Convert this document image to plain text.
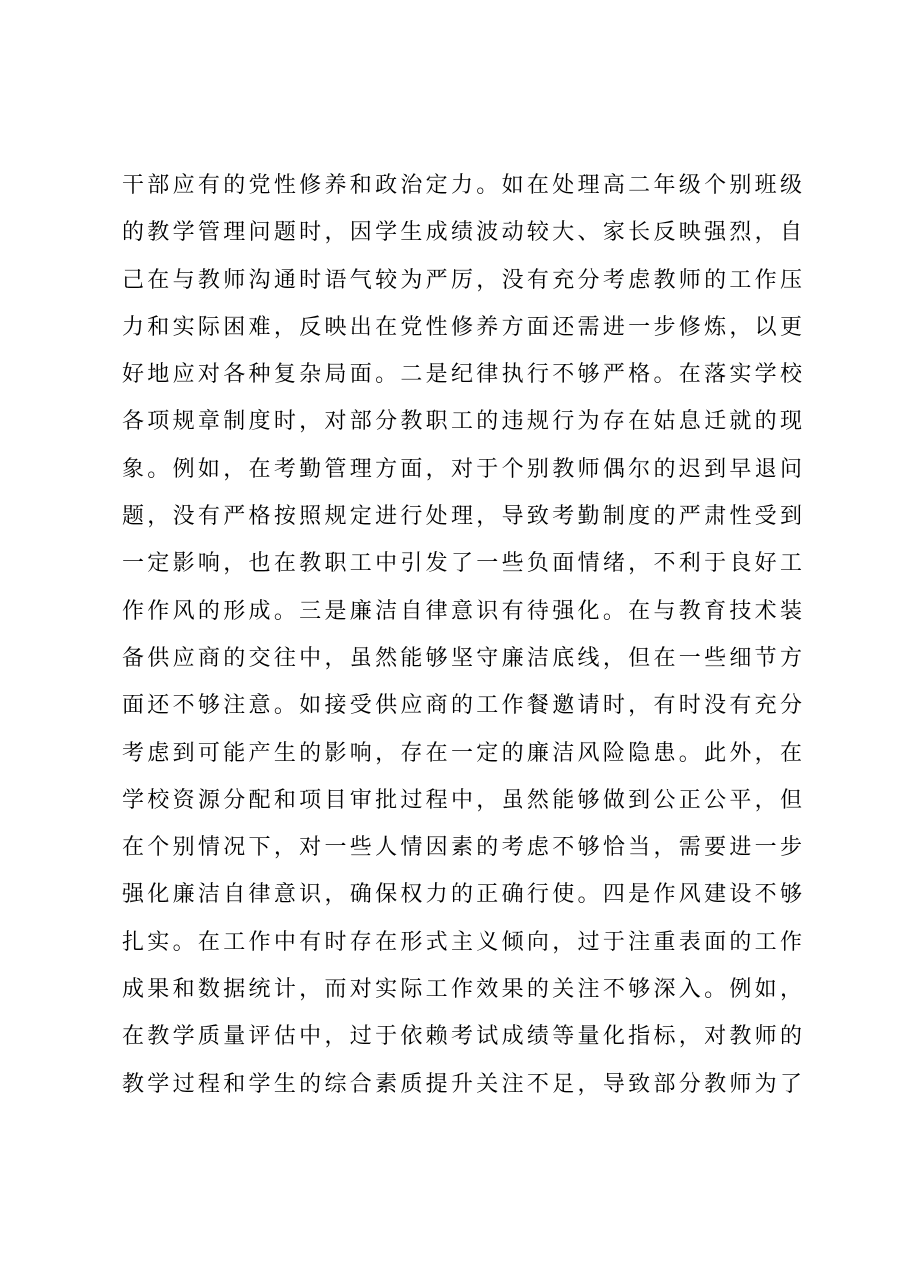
干部应有的党性修养和政治定力。如在处理高二年级个别班级
的教学管理问题时，因学生成绩波动较大、家长反映强烈，自
己在与教师沟通时语气较为严厉，没有充分考虑教师的工作压
力和实际困难，反映出在党性修养方面还需进一步修炼，以更
好地应对各种复杂局面。二是纪律执行不够严格。在落实学校
各项规章制度时，对部分教职工的违规行为存在姑息迁就的现
象。例如，在考勤管理方面，对于个别教师偶尔的迟到早退问
题，没有严格按照规定进行处理，导致考勤制度的严肃性受到
一定影响，也在教职工中引发了一些负面情绪，不利于良好工
作作风的形成。三是廉洁自律意识有待强化。在与教育技术装
备供应商的交往中，虽然能够坚守廉洁底线，但在一些细节方
面还不够注意。如接受供应商的工作餐邀请时，有时没有充分
考虑到可能产生的影响，存在一定的廉洁风险隐患。此外，在
学校资源分配和项目审批过程中，虽然能够做到公正公平，但
在个别情况下，对一些人情因素的考虑不够恰当，需要进一步
强化廉洁自律意识，确保权力的正确行使。四是作风建设不够
扎实。在工作中有时存在形式主义倾向，过于注重表面的工作
成果和数据统计，而对实际工作效果的关注不够深入。例如，
在教学质量评估中，过于依赖考试成绩等量化指标，对教师的
教学过程和学生的综合素质提升关注不足，导致部分教师为了
